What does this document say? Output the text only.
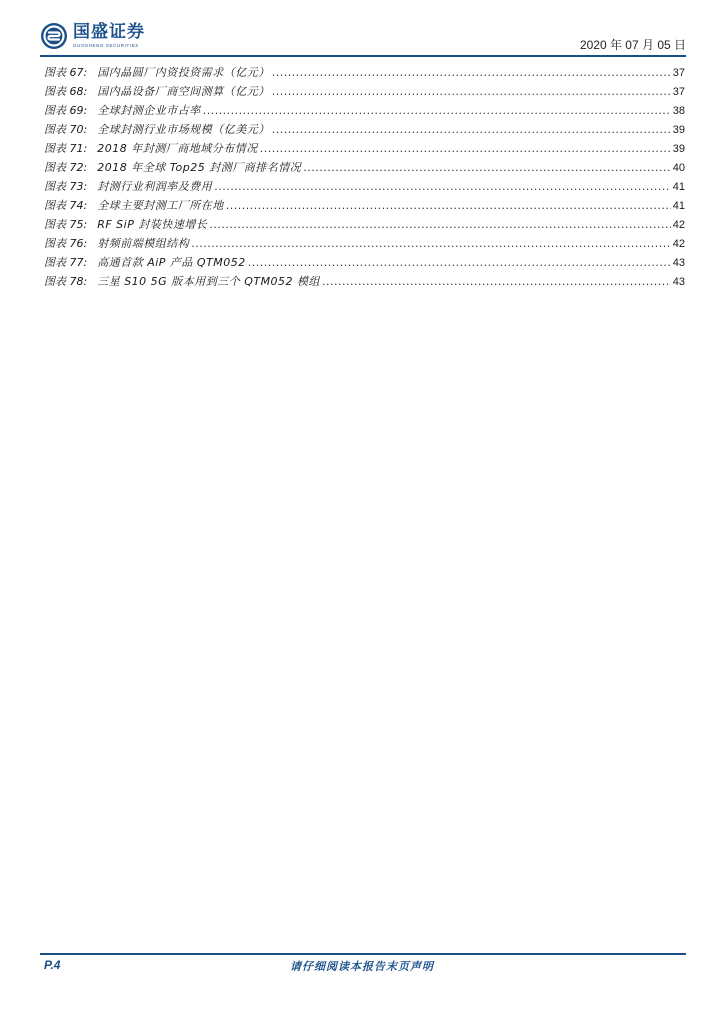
国盛证券
GUOSHENG SECURITIES	2020 年 07 月 05 日
图表 67: 国内晶圆厂内资投资需求（亿元） .....	37
图表 68: 国内晶设备厂商空间测算（亿元） .....	37
图表 69: 全球封测企业市占率 .....	38
图表 70: 全球封测行业市场规模（亿美元） .....	39
图表 71: 2018 年封测厂商地域分布情况 .....	39
图表 72: 2018 年全球 Top25 封测厂商排名情况 .....	40
图表 73: 封测行业利润率及费用 .....	41
图表 74: 全球主要封测工厂所在地 .....	41
图表 75: RF SiP 封装快速增长 .....	42
图表 76: 射频前端模组结构 .....	42
图表 77: 高通首款 AiP 产品 QTM052 .....	43
图表 78: 三星 S10 5G 版本用到三个 QTM052 模组 .....	43
P.4	请仔细阅读本报告末页声明
